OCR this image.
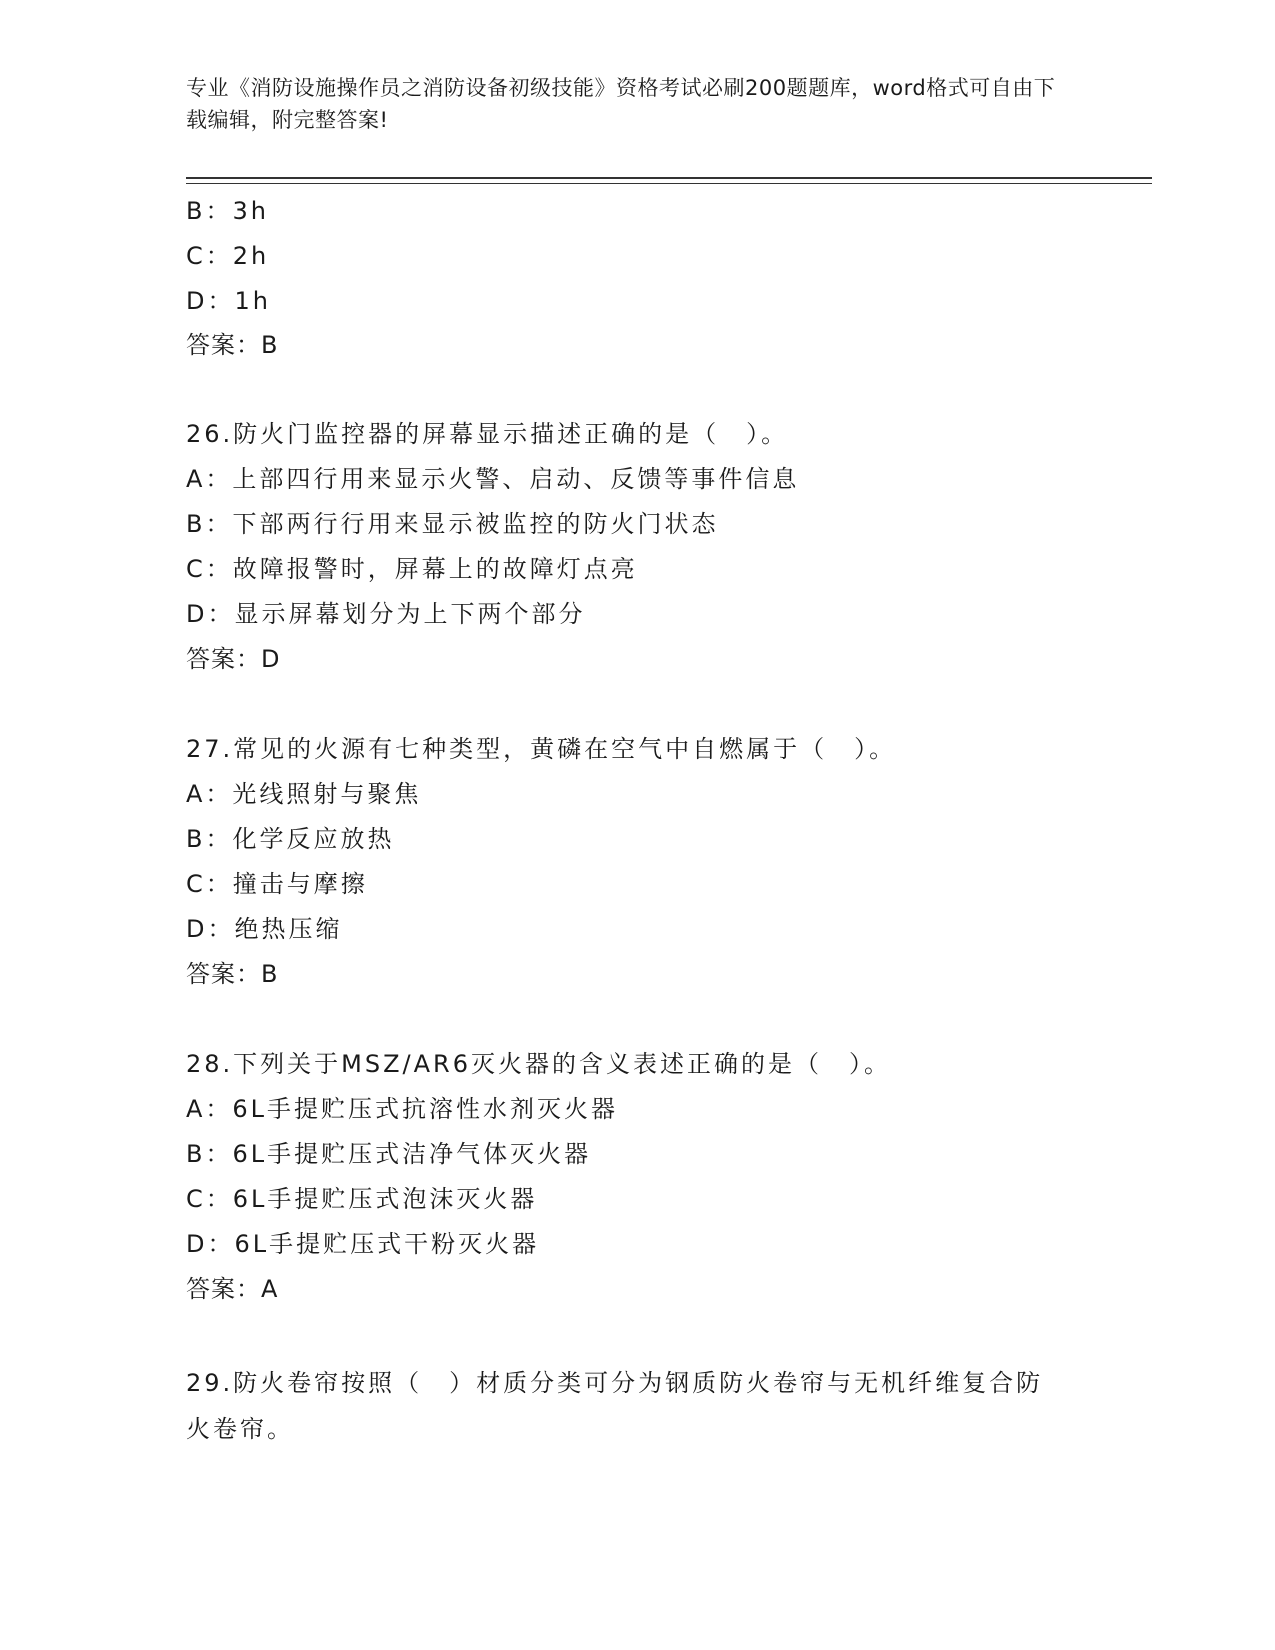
专业《消防设施操作员之消防设备初级技能》资格考试必刷200题题库，word格式可自由下载编辑，附完整答案!
B：3h
C：2h
D：1h
答案：B
26.防火门监控器的屏幕显示描述正确的是（　）。
A：上部四行用来显示火警、启动、反馈等事件信息
B：下部两行行用来显示被监控的防火门状态
C：故障报警时，屏幕上的故障灯点亮
D：显示屏幕划分为上下两个部分
答案：D
27.常见的火源有七种类型，黄磷在空气中自燃属于（　）。
A：光线照射与聚焦
B：化学反应放热
C：撞击与摩擦
D：绝热压缩
答案：B
28.下列关于MSZ/AR6灭火器的含义表述正确的是（　）。
A：6L手提贮压式抗溶性水剂灭火器
B：6L手提贮压式洁净气体灭火器
C：6L手提贮压式泡沫灭火器
D：6L手提贮压式干粉灭火器
答案：A
29.防火卷帘按照（　）材质分类可分为钢质防火卷帘与无机纤维复合防火卷帘。
